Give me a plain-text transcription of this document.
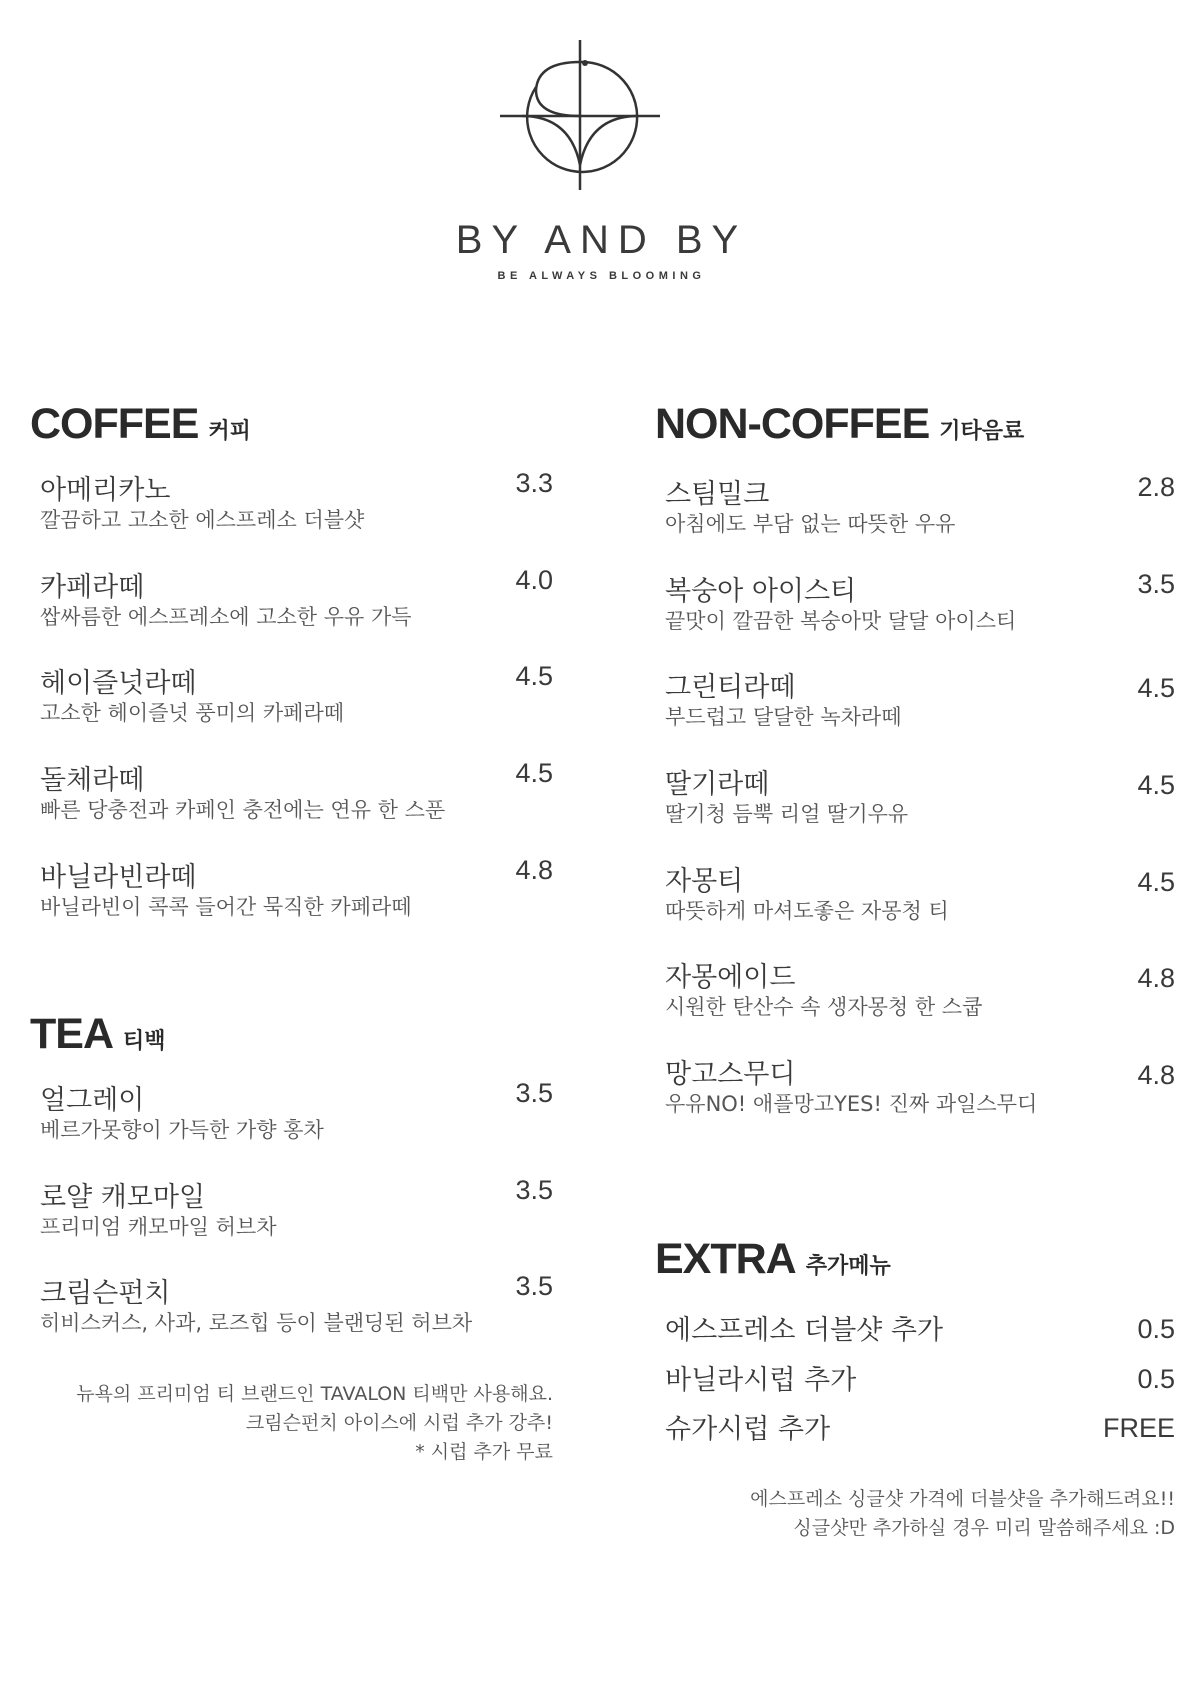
BY AND BY
BE ALWAYS BLOOMING
COFFEE 커피
아메리카노
깔끔하고 고소한 에스프레소 더블샷
3.3
카페라떼
쌉싸름한 에스프레소에 고소한 우유 가득
4.0
헤이즐넛라떼
고소한 헤이즐넛 풍미의 카페라떼
4.5
돌체라떼
빠른 당충전과 카페인 충전에는 연유 한 스푼
4.5
바닐라빈라떼
바닐라빈이 콕콕 들어간 묵직한 카페라떼
4.8
TEA 티백
얼그레이
베르가못향이 가득한 가향 홍차
3.5
로얄 캐모마일
프리미엄 캐모마일 허브차
3.5
크림슨펀치
히비스커스, 사과, 로즈힙 등이 블랜딩된 허브차
3.5
뉴욕의 프리미엄 티 브랜드인 TAVALON 티백만 사용해요.
크림슨펀치 아이스에 시럽 추가 강추!
* 시럽 추가 무료
NON-COFFEE 기타음료
스팀밀크
아침에도 부담 없는 따뜻한 우유
2.8
복숭아 아이스티
끝맛이 깔끔한 복숭아맛 달달 아이스티
3.5
그린티라떼
부드럽고 달달한 녹차라떼
4.5
딸기라떼
딸기청 듬뿍 리얼 딸기우유
4.5
자몽티
따뜻하게 마셔도좋은 자몽청 티
4.5
자몽에이드
시원한 탄산수 속 생자몽청 한 스쿱
4.8
망고스무디
우유NO! 애플망고YES! 진짜 과일스무디
4.8
EXTRA 추가메뉴
에스프레소 더블샷 추가	0.5
바닐라시럽 추가	0.5
슈가시럽 추가	FREE
에스프레소 싱글샷 가격에 더블샷을 추가해드려요!!
싱글샷만 추가하실 경우 미리 말씀해주세요 :D
